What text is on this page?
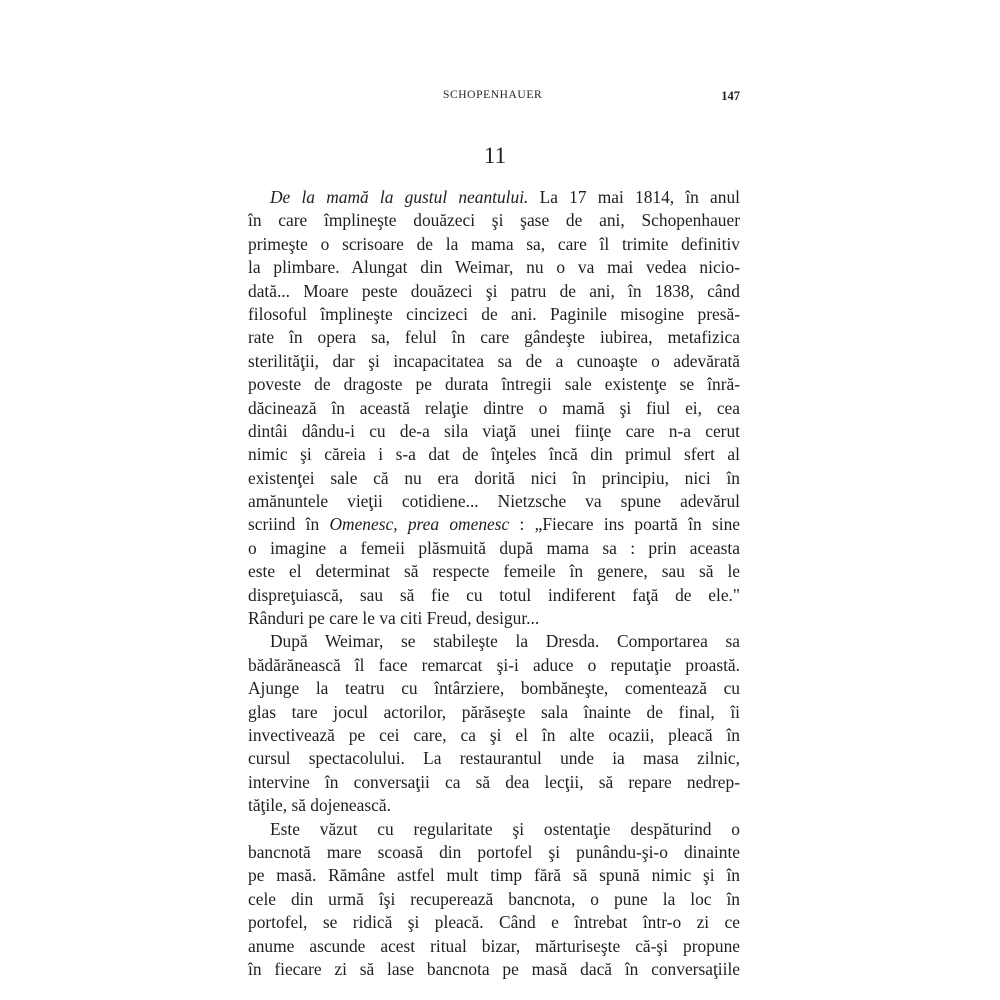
SCHOPENHAUER	147
11
De la mamă la gustul neantului. La 17 mai 1814, în anul
în care împlineşte douăzeci şi şase de ani, Schopenhauer
primeşte o scrisoare de la mama sa, care îl trimite definitiv
la plimbare. Alungat din Weimar, nu o va mai vedea nicio-
dată... Moare peste douăzeci şi patru de ani, în 1838, când
filosoful împlineşte cincizeci de ani. Paginile misogine presă-
rate în opera sa, felul în care gândeşte iubirea, metafizica
sterilităţii, dar şi incapacitatea sa de a cunoaşte o adevărată
poveste de dragoste pe durata întregii sale existenţe se înră-
dăcinează în această relaţie dintre o mamă şi fiul ei, cea
dintâi dându-i cu de-a sila viaţă unei fiinţe care n-a cerut
nimic şi căreia i s-a dat de înţeles încă din primul sfert al
existenţei sale că nu era dorită nici în principiu, nici în
amănuntele vieţii cotidiene... Nietzsche va spune adevărul
scriind în Omenesc, prea omenesc : „Fiecare ins poartă în sine
o imagine a femeii plăsmuită după mama sa : prin aceasta
este el determinat să respecte femeile în genere, sau să le
dispreţuiască, sau să fie cu totul indiferent faţă de ele."
Rânduri pe care le va citi Freud, desigur...
După Weimar, se stabileşte la Dresda. Comportarea sa
bădărănească îl face remarcat şi-i aduce o reputaţie proastă.
Ajunge la teatru cu întârziere, bombăneşte, comentează cu
glas tare jocul actorilor, părăseşte sala înainte de final, îi
invectivează pe cei care, ca şi el în alte ocazii, pleacă în
cursul spectacolului. La restaurantul unde ia masa zilnic,
intervine în conversaţii ca să dea lecţii, să repare nedrep-
tăţile, să dojenească.
Este văzut cu regularitate şi ostentaţie despăturind o
bancnotă mare scoasă din portofel şi punându-şi-o dinainte
pe masă. Rămâne astfel mult timp fără să spună nimic şi în
cele din urmă îşi recuperează bancnota, o pune la loc în
portofel, se ridică şi pleacă. Când e întrebat într-o zi ce
anume ascunde acest ritual bizar, mărturiseşte că-şi propune
în fiecare zi să lase bancnota pe masă dacă în conversaţiile
